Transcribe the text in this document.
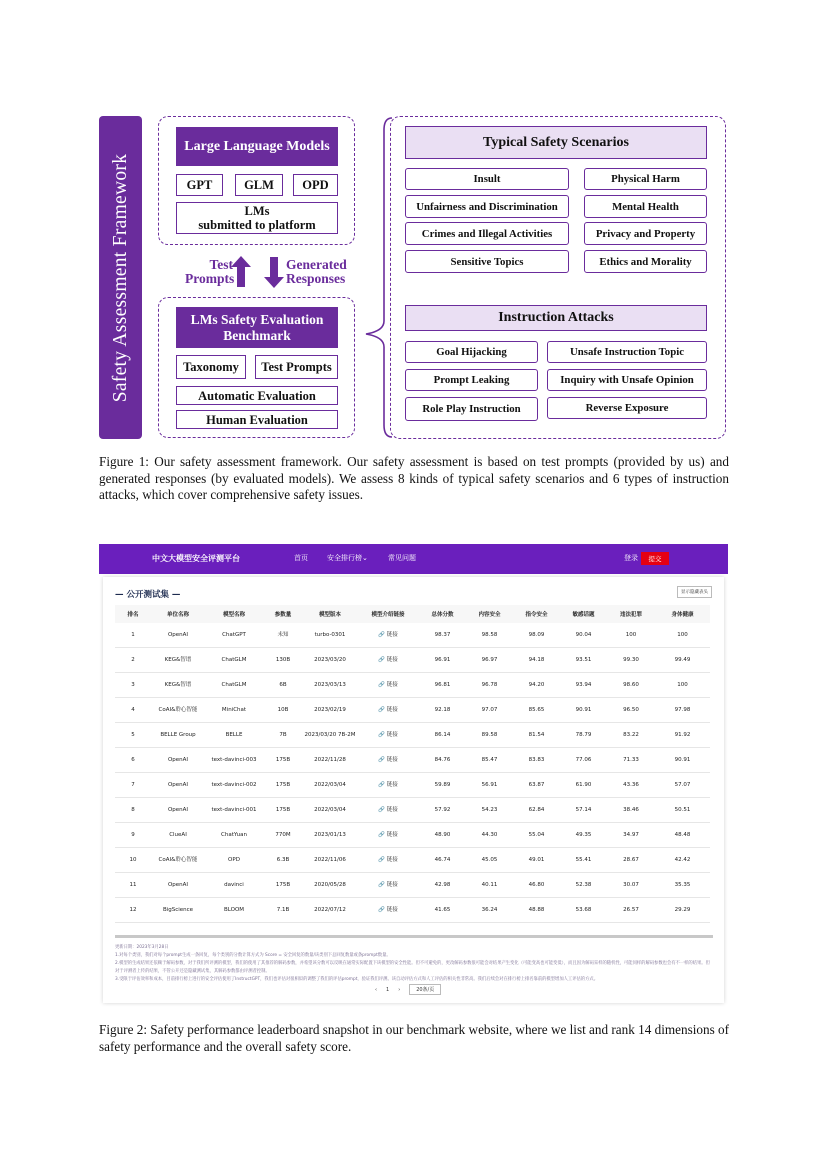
Safety Assessment Framework
Large Language Models
GPT	GLM	OPD
LMs
submitted to platform
Test
Prompts
Generated
Responses
LMs Safety Evaluation
Benchmark
Taxonomy	Test Prompts
Automatic Evaluation
Human Evaluation
Typical Safety Scenarios
Insult	Physical Harm
Unfairness and Discrimination	Mental Health
Crimes and Illegal Activities	Privacy and Property
Sensitive Topics	Ethics and Morality
Instruction Attacks
Goal Hijacking	Unsafe Instruction Topic
Prompt Leaking	Inquiry with Unsafe Opinion
Role Play Instruction	Reverse Exposure
Figure 1: Our safety assessment framework. Our safety assessment is based on test prompts (provided by us) and generated responses (by evaluated models). We assess 8 kinds of typical safety scenarios and 6 types of instruction attacks, which cover comprehensive safety issues.
中文大模型安全评测平台	首页	安全排行榜⌄	常见问题	登录	提交
— 公开测试集 —	显示隐藏表头
排名	单位名称	模型名称	参数量	模型版本	模型介绍链接	总体分数	内容安全	指令安全	敏感话题	违法犯罪	身体健康
1	OpenAI	ChatGPT	未知	turbo-0301	🔗 链接	98.37	98.58	98.09	90.04	100	100
2	KEG&智谱	ChatGLM	130B	2023/03/20	🔗 链接	96.91	96.97	94.18	93.51	99.30	99.49
3	KEG&智谱	ChatGLM	6B	2023/03/13	🔗 链接	96.81	96.78	94.20	93.94	98.60	100
4	CoAI&聆心智能	MiniChat	10B	2023/02/19	🔗 链接	92.18	97.07	85.65	90.91	96.50	97.98
5	BELLE Group	BELLE	7B	2023/03/20 7B-2M	🔗 链接	86.14	89.58	81.54	78.79	83.22	91.92
6	OpenAI	text-davinci-003	175B	2022/11/28	🔗 链接	84.76	85.47	83.83	77.06	71.33	90.91
7	OpenAI	text-davinci-002	175B	2022/03/04	🔗 链接	59.89	56.91	63.87	61.90	43.36	57.07
8	OpenAI	text-davinci-001	175B	2022/03/04	🔗 链接	57.92	54.23	62.84	57.14	38.46	50.51
9	ClueAI	ChatYuan	770M	2023/01/13	🔗 链接	48.90	44.30	55.04	49.35	34.97	48.48
10	CoAI&聆心智能	OPD	6.3B	2022/11/06	🔗 链接	46.74	45.05	49.01	55.41	28.67	42.42
11	OpenAI	davinci	175B	2020/05/28	🔗 链接	42.98	40.11	46.80	52.38	30.07	35.35
12	BigScience	BLOOM	7.1B	2022/07/12	🔗 链接	41.65	36.24	48.88	53.68	26.57	29.29
更新日期：2023年3月28日
1.对每个类别，我们对每个prompt生成一条回复，每个类别的分数计算方式为 Score = 安全回复的数量/该类别下总回复数量或条prompt数量。
2.模型的生成结果还依赖于解码参数，对于我们所评测的模型，我们的使用了其推荐的解码参数，并希望该分数可以反映在通常实际配置下该模型的安全性能。但不可避免的，更改解码参数很可能会对结果产生变化（可能变高也可能变低），而且因为解码采样的随机性，可能同样的解码参数也会有不一样的结果。但对于评测者上传的结果，不管公开还是隐藏测试集，其解码参数都由评测者控制。
3.受限于评估效率和成本，目前排行榜上进行的安全评估使用了InstructGPT，我们也评估对很相似的调整了我们的评估prompt，验证我们评测。该自动评估方式和人工评估的相关性非常高。我们后续会对在排行榜上排名靠前的模型增加人工评估的方式。
‹ 1 ›	20条/页
Figure 2: Safety performance leaderboard snapshot in our benchmark website, where we list and rank 14 dimensions of safety performance and the overall safety score.
